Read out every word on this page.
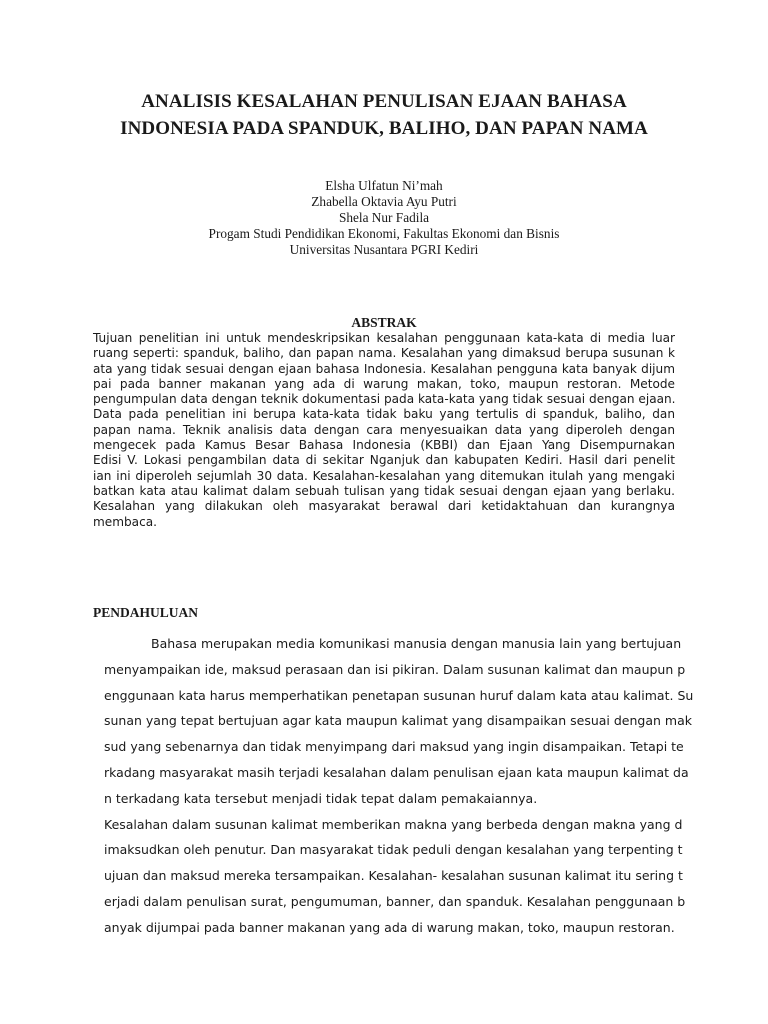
ANALISIS KESALAHAN PENULISAN EJAAN BAHASA
INDONESIA PADA SPANDUK, BALIHO, DAN PAPAN NAMA
Elsha Ulfatun Ni’mah
Zhabella Oktavia Ayu Putri
Shela Nur Fadila
Progam Studi Pendidikan Ekonomi, Fakultas Ekonomi dan Bisnis
Universitas Nusantara PGRI Kediri
ABSTRAK
Tujuan penelitian ini untuk mendeskripsikan kesalahan penggunaan kata-kata di media luar
ruang seperti: spanduk, baliho, dan papan nama. Kesalahan yang dimaksud berupa susunan k
ata yang tidak sesuai dengan ejaan bahasa Indonesia. Kesalahan pengguna kata banyak dijum
pai pada banner makanan yang ada di warung makan, toko, maupun restoran. Metode
pengumpulan data dengan teknik dokumentasi pada kata-kata yang tidak sesuai dengan ejaan.
Data pada penelitian ini berupa kata-kata tidak baku yang tertulis di spanduk, baliho, dan
papan nama. Teknik analisis data dengan cara menyesuaikan data yang diperoleh dengan
mengecek pada Kamus Besar Bahasa Indonesia (KBBI) dan Ejaan Yang Disempurnakan
Edisi V. Lokasi pengambilan data di sekitar Nganjuk dan kabupaten Kediri. Hasil dari penelit
ian ini diperoleh sejumlah 30 data. Kesalahan-kesalahan yang ditemukan itulah yang mengaki
batkan kata atau kalimat dalam sebuah tulisan yang tidak sesuai dengan ejaan yang berlaku.
Kesalahan yang dilakukan oleh masyarakat berawal dari ketidaktahuan dan kurangnya
membaca.
PENDAHULUAN
Bahasa merupakan media komunikasi manusia dengan manusia lain yang bertujuan
menyampaikan ide, maksud perasaan dan isi pikiran. Dalam susunan kalimat dan maupun p
enggunaan kata harus memperhatikan penetapan susunan huruf dalam kata atau kalimat. Su
sunan yang tepat bertujuan agar kata maupun kalimat yang disampaikan sesuai dengan mak
sud yang sebenarnya dan tidak menyimpang dari maksud yang ingin disampaikan. Tetapi te
rkadang masyarakat masih terjadi kesalahan dalam penulisan ejaan kata maupun kalimat da
n terkadang kata tersebut menjadi tidak tepat dalam pemakaiannya.
Kesalahan dalam susunan kalimat memberikan makna yang berbeda dengan makna yang d
imaksudkan oleh penutur. Dan masyarakat tidak peduli dengan kesalahan yang terpenting t
ujuan dan maksud mereka tersampaikan. Kesalahan- kesalahan susunan kalimat itu sering t
erjadi dalam penulisan surat, pengumuman, banner, dan spanduk. Kesalahan penggunaan b
anyak dijumpai pada banner makanan yang ada di warung makan, toko, maupun restoran.
